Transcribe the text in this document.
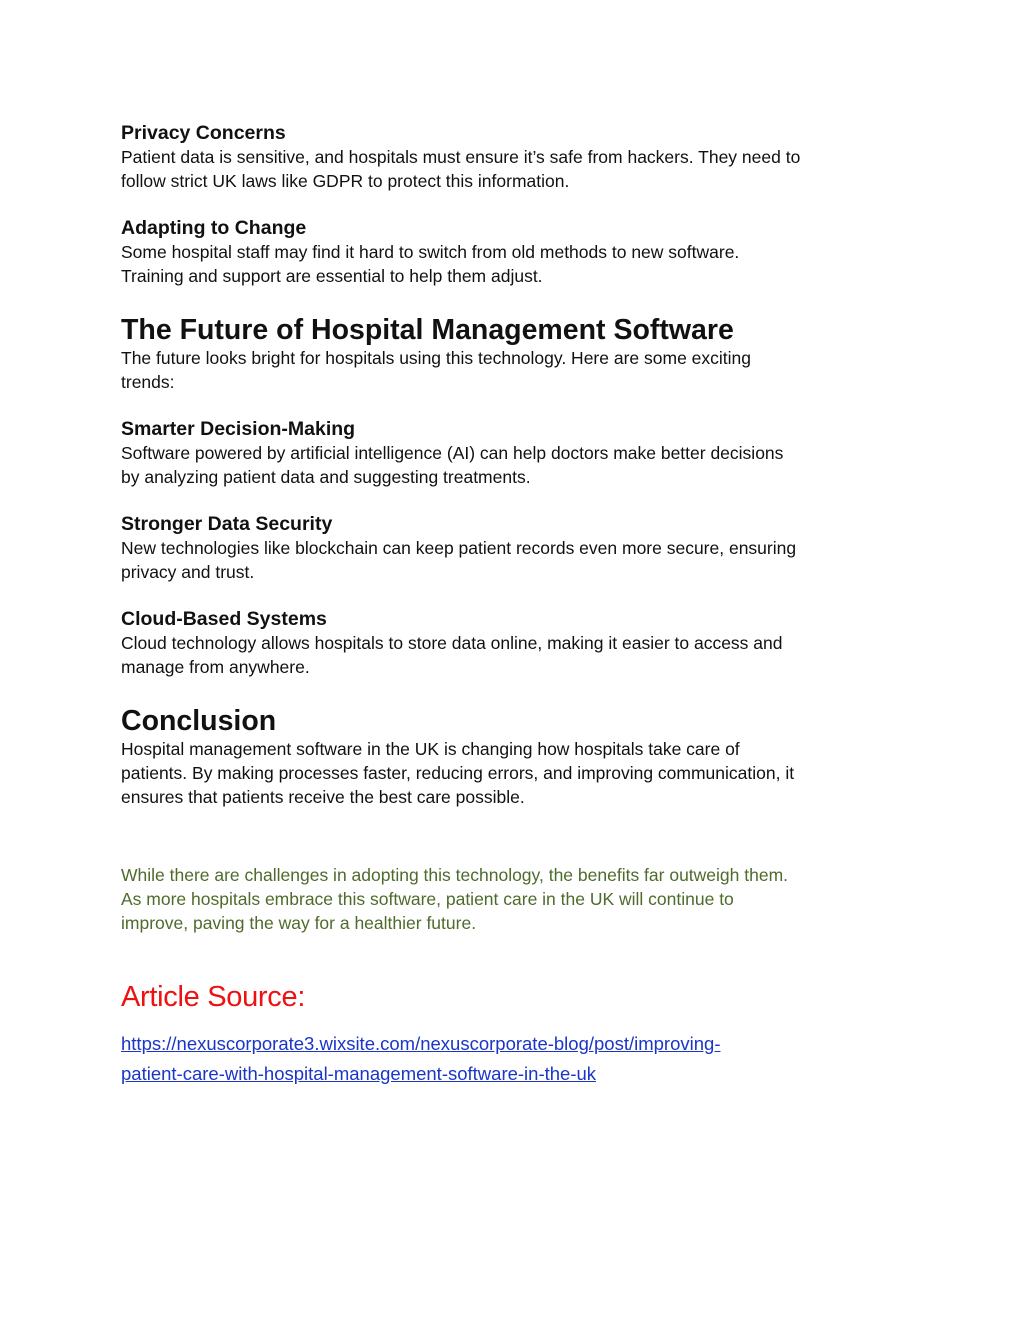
Privacy Concerns

Patient data is sensitive, and hospitals must ensure it’s safe from hackers. They need to

follow strict UK laws like GDPR to protect this information.

Adapting to Change

Some hospital staff may find it hard to switch from old methods to new software.

Training and support are essential to help them adjust.

The Future of Hospital Management Software

The future looks bright for hospitals using this technology. Here are some exciting

trends:

Smarter Decision-Making

Software powered by artificial intelligence (AI) can help doctors make better decisions

by analyzing patient data and suggesting treatments.

Stronger Data Security

New technologies like blockchain can keep patient records even more secure, ensuring

privacy and trust.

Cloud-Based Systems

Cloud technology allows hospitals to store data online, making it easier to access and

manage from anywhere.

Conclusion

Hospital management software in the UK is changing how hospitals take care of

patients. By making processes faster, reducing errors, and improving communication, it

ensures that patients receive the best care possible.

While there are challenges in adopting this technology, the benefits far outweigh them.

As more hospitals embrace this software, patient care in the UK will continue to

improve, paving the way for a healthier future.

Article Source:

https://nexuscorporate3.wixsite.com/nexuscorporate-blog/post/improving-
patient-care-with-hospital-management-software-in-the-uk
